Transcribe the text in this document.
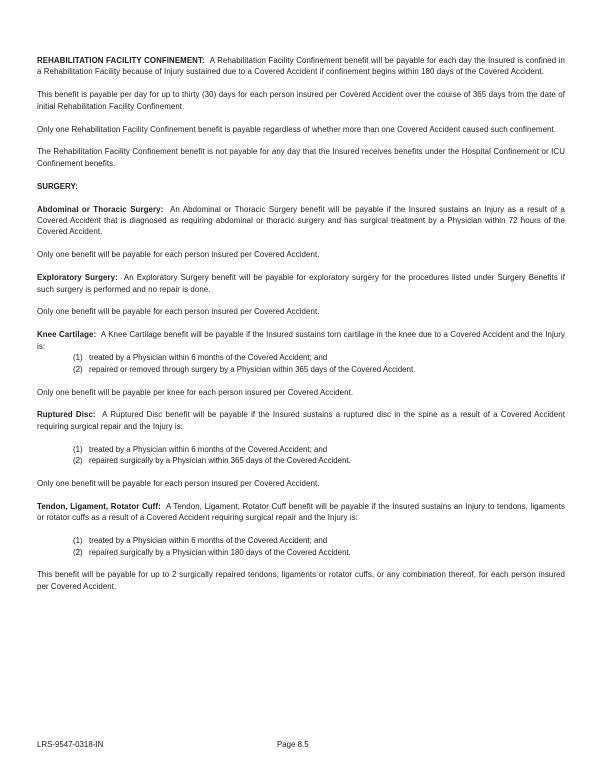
REHABILITATION FACILITY CONFINEMENT: A Rehabilitation Facility Confinement benefit will be payable for each day the Insured is confined in a Rehabilitation Facility because of Injury sustained due to a Covered Accident if confinement begins within 180 days of the Covered Accident.

This benefit is payable per day for up to thirty (30) days for each person insured per Covered Accident over the course of 365 days from the date of initial Rehabilitation Facility Confinement.

Only one Rehabilitation Facility Confinement benefit is payable regardless of whether more than one Covered Accident caused such confinement.

The Rehabilitation Facility Confinement benefit is not payable for any day that the Insured receives benefits under the Hospital Confinement or ICU Confinement benefits.

SURGERY:

Abdominal or Thoracic Surgery: An Abdominal or Thoracic Surgery benefit will be payable if the Insured sustains an Injury as a result of a Covered Accident that is diagnosed as requiring abdominal or thoracic surgery and has surgical treatment by a Physician within 72 hours of the Covered Accident.

Only one benefit will be payable for each person insured per Covered Accident.

Exploratory Surgery: An Exploratory Surgery benefit will be payable for exploratory surgery for the procedures listed under Surgery Benefits if such surgery is performed and no repair is done.

Only one benefit will be payable for each person insured per Covered Accident.

Knee Cartilage: A Knee Cartilage benefit will be payable if the Insured sustains torn cartilage in the knee due to a Covered Accident and the Injury is:

(1) treated by a Physician within 6 months of the Covered Accident; and
(2) repaired or removed through surgery by a Physician within 365 days of the Covered Accident.

Only one benefit will be payable per knee for each person insured per Covered Accident.

Ruptured Disc: A Ruptured Disc benefit will be payable if the Insured sustains a ruptured disc in the spine as a result of a Covered Accident requiring surgical repair and the Injury is:

(1) treated by a Physician within 6 months of the Covered Accident; and
(2) repaired surgically by a Physician within 365 days of the Covered Accident.

Only one benefit will be payable for each person insured per Covered Accident.

Tendon, Ligament, Rotator Cuff: A Tendon, Ligament, Rotator Cuff benefit will be payable if the Insured sustains an Injury to tendons, ligaments or rotator cuffs as a result of a Covered Accident requiring surgical repair and the Injury is:

(1) treated by a Physician within 6 months of the Covered Accident; and
(2) repaired surgically by a Physician within 180 days of the Covered Accident.

This benefit will be payable for up to 2 surgically repaired tendons, ligaments or rotator cuffs, or any combination thereof, for each person insured per Covered Accident.

LRS-9547-0318-IN	Page 8.5
